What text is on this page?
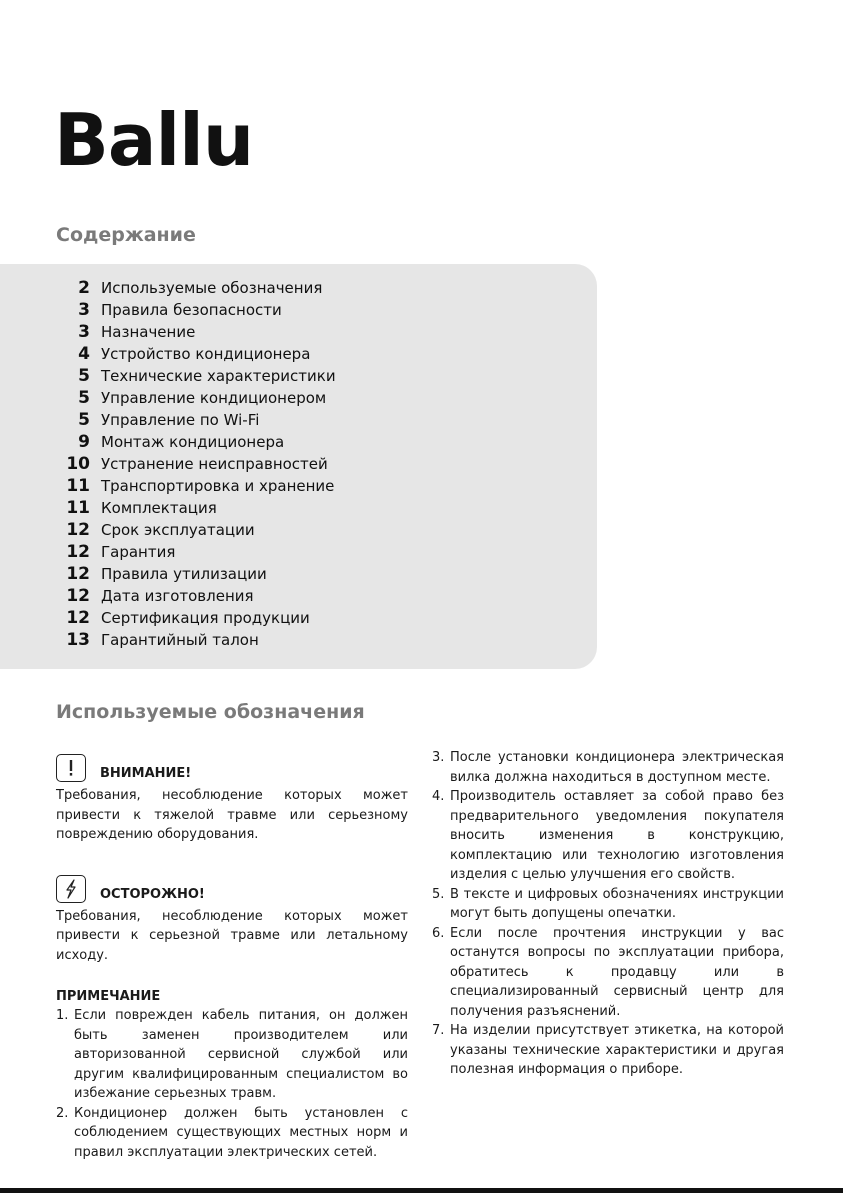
Ballu
Содержание
2 Используемые обозначения
3 Правила безопасности
3 Назначение
4 Устройство кондиционера
5 Технические характеристики
5 Управление кондиционером
5 Управление по Wi-Fi
9 Монтаж кондиционера
10 Устранение неисправностей
11 Транспортировка и хранение
11 Комплектация
12 Срок эксплуатации
12 Гарантия
12 Правила утилизации
12 Дата изготовления
12 Сертификация продукции
13 Гарантийный талон
Используемые обозначения
ВНИМАНИЕ!

Требования, несоблюдение которых может привести к тяжелой травме или серьезному повреждению оборудования.

ОСТОРОЖНО!

Требования, несоблюдение которых может привести к серьезной травме или летальному исходу.

ПРИМЕЧАНИЕ
1. Если поврежден кабель питания, он должен быть заменен производителем или авторизованной сервисной службой или другим квалифицированным специалистом во избежание серьезных травм.
2. Кондиционер должен быть установлен с соблюдением существующих местных норм и правил эксплуатации электрических сетей.
3. После установки кондиционера электрическая вилка должна находиться в доступном месте.
4. Производитель оставляет за собой право без предварительного уведомления покупателя вносить изменения в конструкцию, комплектацию или технологию изготовления изделия с целью улучшения его свойств.
5. В тексте и цифровых обозначениях инструкции могут быть допущены опечатки.
6. Если после прочтения инструкции у вас останутся вопросы по эксплуатации прибора, обратитесь к продавцу или в специализированный сервисный центр для получения разъяснений.
7. На изделии присутствует этикетка, на которой указаны технические характеристики и другая полезная информация о приборе.
